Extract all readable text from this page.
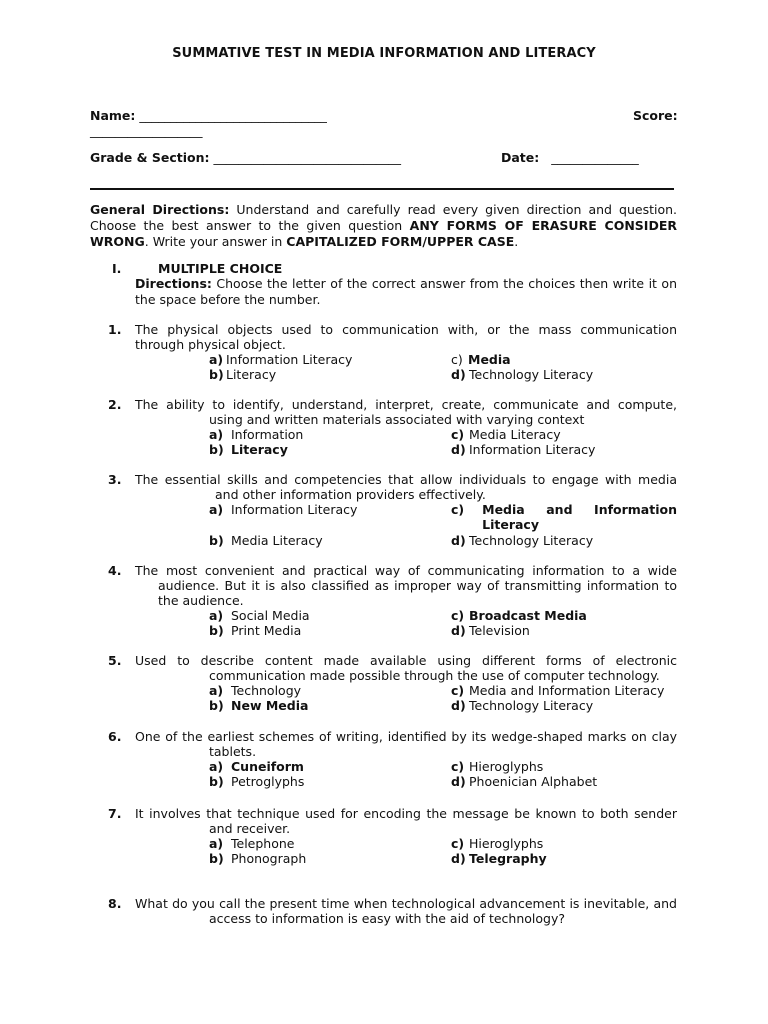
SUMMATIVE TEST IN MEDIA INFORMATION AND LITERACY
Name: ______________________________	Score:
__________________
Grade & Section: ______________________________	Date: ______________
General Directions: Understand and carefully read every given direction and question. Choose the best answer to the given question ANY FORMS OF ERASURE CONSIDER WRONG. Write your answer in CAPITALIZED FORM/UPPER CASE.
I.	MULTIPLE CHOICE
Directions: Choose the letter of the correct answer from the choices then write it on the space before the number.
1. The physical objects used to communication with, or the mass communication
through physical object.
a) Information Literacy	c) Media
b) Literacy	d) Technology Literacy
2. The ability to identify, understand, interpret, create, communicate and compute,
using and written materials associated with varying context
a) Information	c) Media Literacy
b) Literacy	d) Information Literacy
3. The essential skills and competencies that allow individuals to engage with media
and other information providers effectively.
a) Information Literacy	c) Media and Information Literacy
b) Media Literacy	d) Technology Literacy
4. The most convenient and practical way of communicating information to a wide
audience. But it is also classified as improper way of transmitting information to
the audience.
a) Social Media	c) Broadcast Media
b) Print Media	d) Television
5. Used to describe content made available using different forms of electronic
communication made possible through the use of computer technology.
a) Technology	c) Media and Information Literacy
b) New Media	d) Technology Literacy
6. One of the earliest schemes of writing, identified by its wedge-shaped marks on clay
tablets.
a) Cuneiform	c) Hieroglyphs
b) Petroglyphs	d) Phoenician Alphabet
7. It involves that technique used for encoding the message be known to both sender
and receiver.
a) Telephone	c) Hieroglyphs
b) Phonograph	d) Telegraphy
8. What do you call the present time when technological advancement is inevitable, and
access to information is easy with the aid of technology?
